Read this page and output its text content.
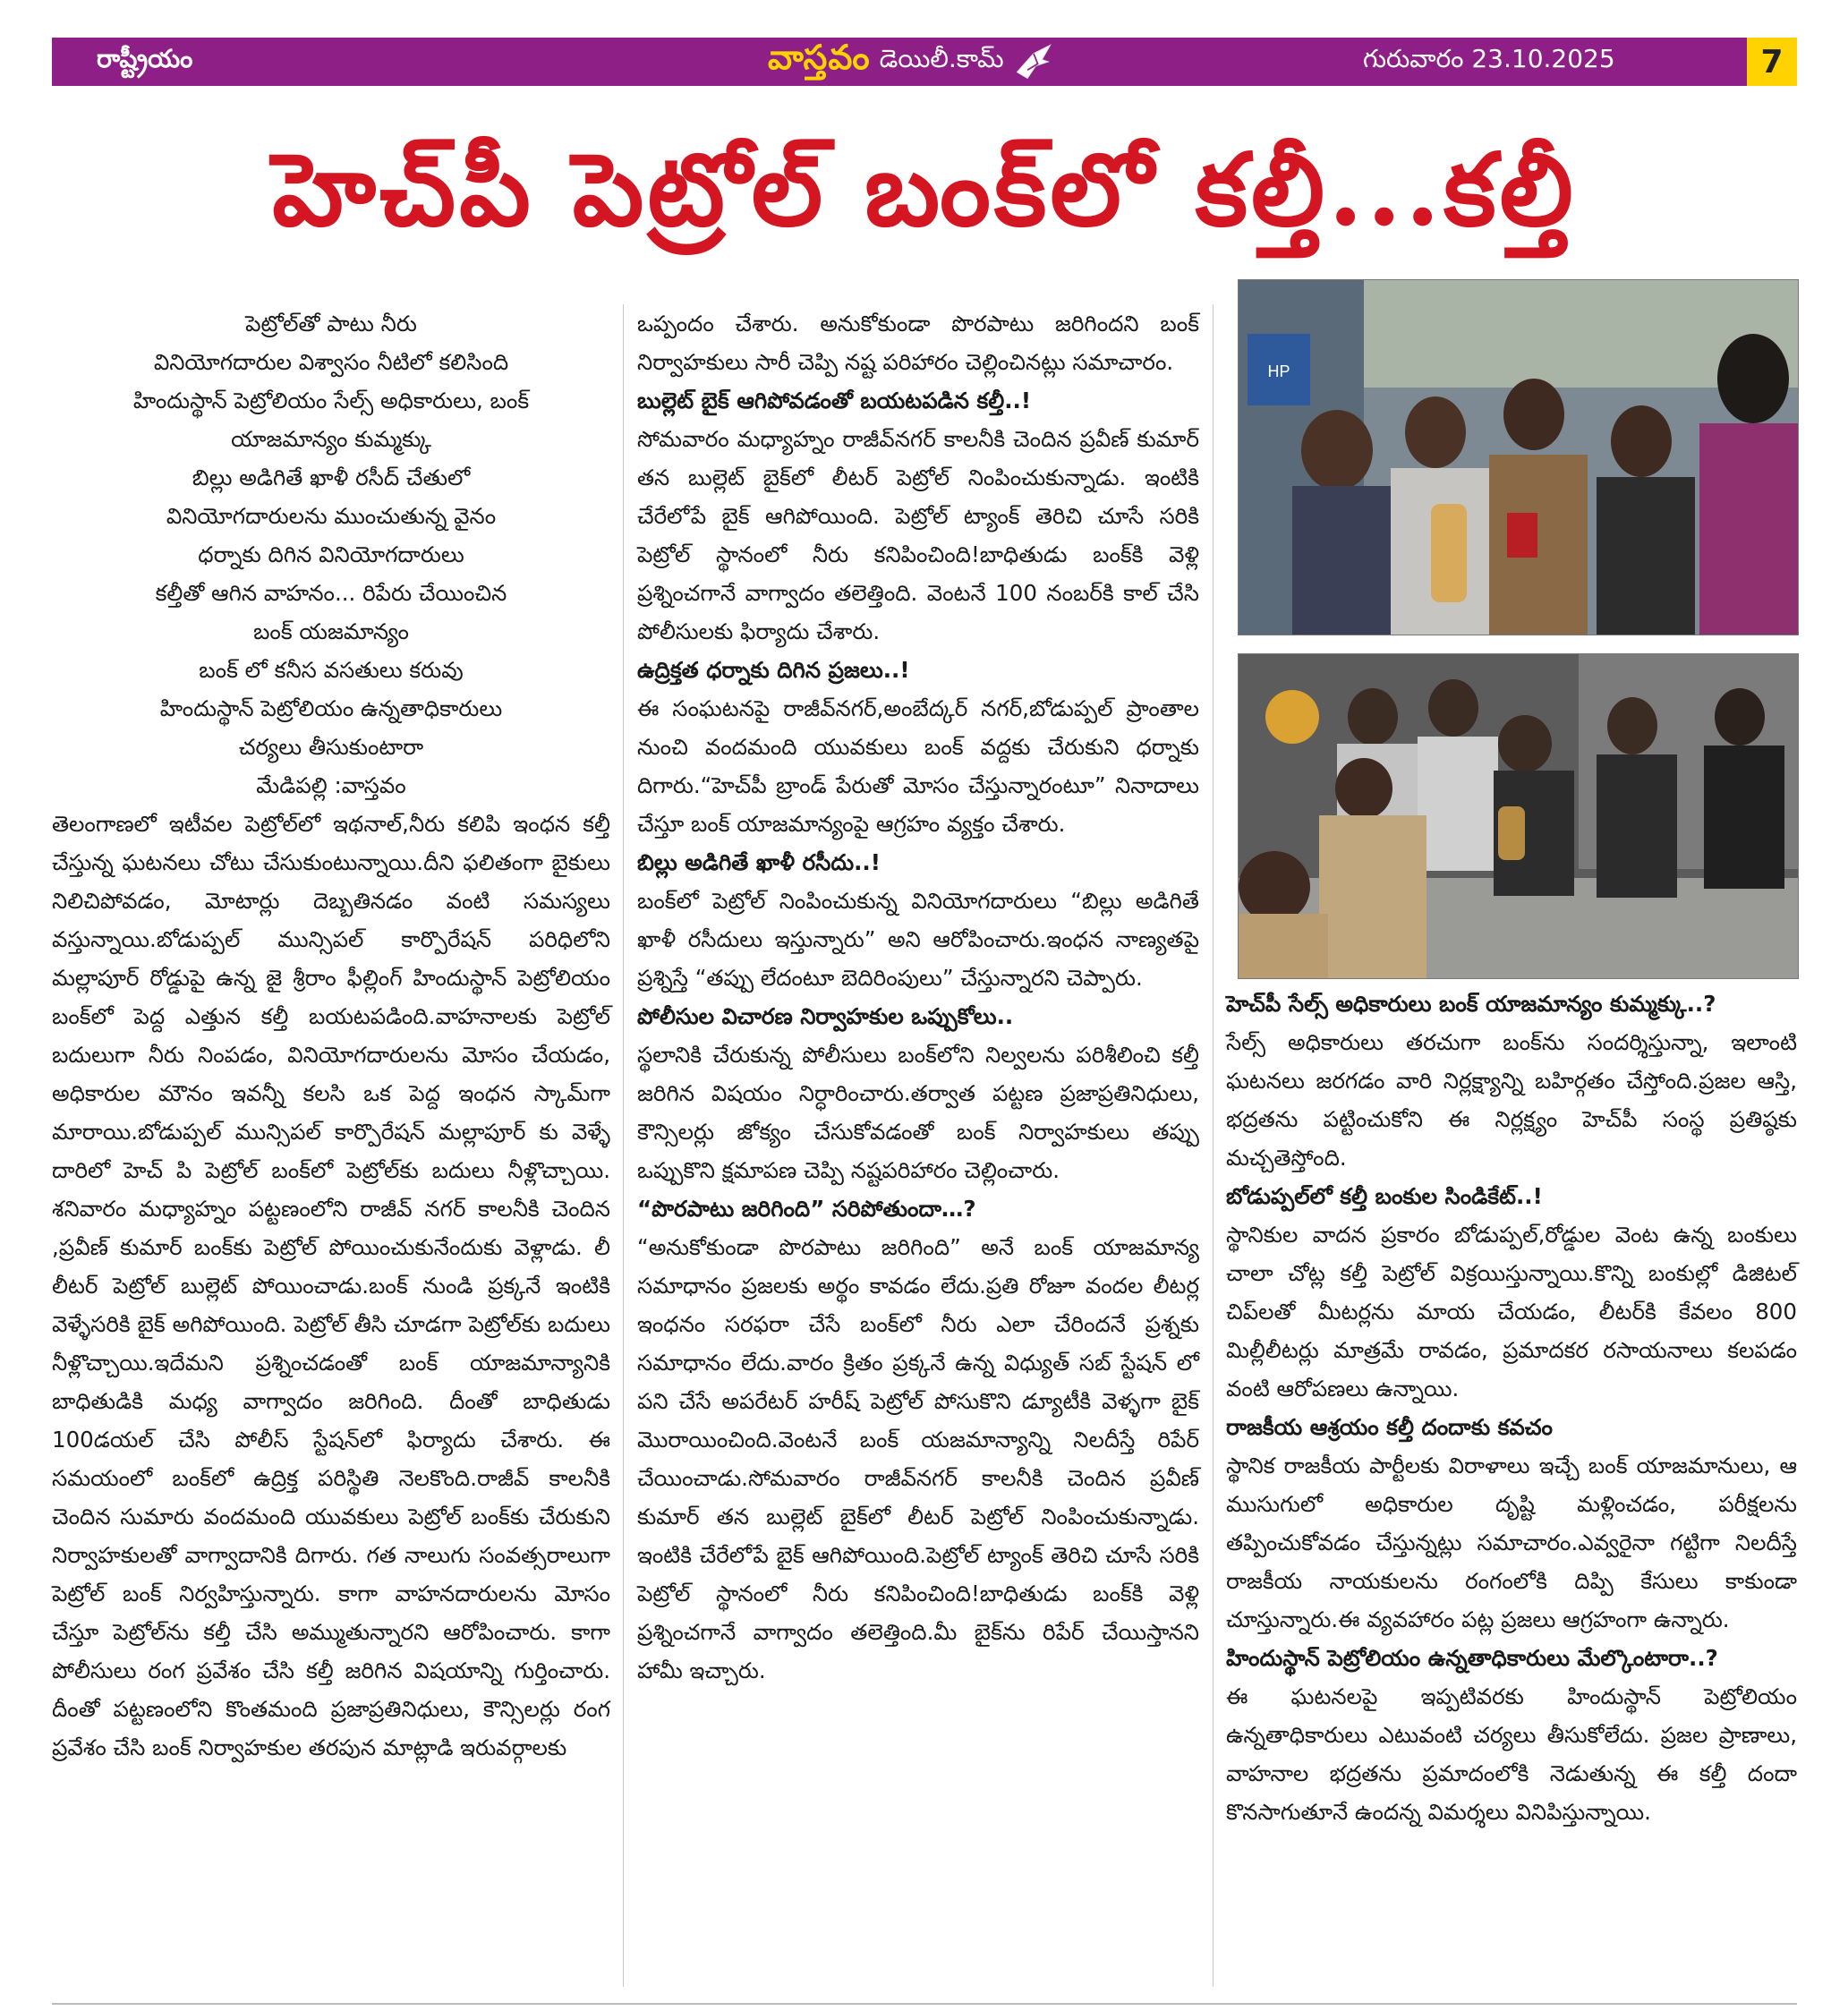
రాష్ట్రీయం	వాస్తవం డెయిలీ.కామ్	గురువారం 23.10.2025	7
హెచ్‌పీ పెట్రోల్ బంక్‌లో కల్తీ...కల్తీ
పెట్రోల్‌తో పాటు నీరు
వినియోగదారుల విశ్వాసం నీటిలో కలిసింది
హిందుస్థాన్ పెట్రోలియం సేల్స్ అధికారులు, బంక్
యాజమాన్యం కుమ్మక్కు
బిల్లు అడిగితే ఖాళీ రసీద్ చేతులో
వినియోగదారులను ముంచుతున్న వైనం
ధర్నాకు దిగిన వినియోగదారులు
కల్తీతో ఆగిన వాహనం... రిపేరు చేయించిన
బంక్ యజమాన్యం
బంక్ లో కనీస వసతులు కరువు
హిందుస్థాన్ పెట్రోలియం ఉన్నతాధికారులు
చర్యలు తీసుకుంటారా
మేడిపల్లి :వాస్తవం

తెలంగాణలో ఇటీవల పెట్రోల్‌లో ఇథనాల్,నీరు కలిపి ఇంధన కల్తీ చేస్తున్న ఘటనలు చోటు చేసుకుంటున్నాయి.దీని ఫలితంగా బైకులు నిలిచిపోవడం, మోటార్లు దెబ్బతినడం వంటి సమస్యలు వస్తున్నాయి.బోడుప్పల్ మున్సిపల్ కార్పొరేషన్ పరిధిలోని మల్లాపూర్ రోడ్డుపై ఉన్న జై శ్రీరాం ఫీల్లింగ్ హిందుస్థాన్ పెట్రోలియం బంక్‌లో పెద్ద ఎత్తున కల్తీ బయటపడింది.వాహనాలకు పెట్రోల్ బదులుగా నీరు నింపడం, వినియోగదారులను మోసం చేయడం, అధికారుల మౌనం ఇవన్నీ కలసి ఒక పెద్ద ఇంధన స్కామ్‌గా మారాయి.బోడుప్పల్ మున్సిపల్ కార్పొరేషన్ మల్లాపూర్ కు వెళ్ళే దారిలో హెచ్ పి పెట్రోల్ బంక్‌లో పెట్రోల్‌కు బదులు నీళ్లొచ్చాయి. శనివారం మధ్యాహ్నం పట్టణంలోని రాజీవ్ నగర్ కాలనీకి చెందిన ,ప్రవీణ్ కుమార్ బంక్‌కు పెట్రోల్ పోయించుకునేందుకు వెళ్లాడు. లీ లీటర్ పెట్రోల్ బుల్లెట్ పోయించాడు.బంక్ నుండి ప్రక్కనే ఇంటికి వెళ్ళేసరికి బైక్ అగిపోయింది. పెట్రోల్ తీసి చూడగా పెట్రోల్‌కు బదులు నీళ్లొచ్చాయి.ఇదేమని ప్రశ్నించడంతో బంక్ యాజమాన్యానికి బాధితుడికి మధ్య వాగ్వాదం జరిగింది. దీంతో బాధితుడు 100డయల్ చేసి పోలీస్ స్టేషన్‌లో ఫిర్యాదు చేశారు. ఈ సమయంలో బంక్‌లో ఉద్రిక్త పరిస్థితి నెలకొంది.రాజీవ్ కాలనీకి చెందిన సుమారు వందమంది యువకులు పెట్రోల్ బంక్‌కు చేరుకుని నిర్వాహకులతో వాగ్వాదానికి దిగారు. గత నాలుగు సంవత్సరాలుగా పెట్రోల్ బంక్ నిర్వహిస్తున్నారు. కాగా వాహనదారులను మోసం చేస్తూ పెట్రోల్‌ను కల్తీ చేసి అమ్ముతున్నారని ఆరోపించారు. కాగా పోలీసులు రంగ ప్రవేశం చేసి కల్తీ జరిగిన విషయాన్ని గుర్తించారు. దీంతో పట్టణంలోని కొంతమంది ప్రజాప్రతినిధులు, కౌన్సిలర్లు రంగ ప్రవేశం చేసి బంక్ నిర్వాహకుల తరపున మాట్లాడి ఇరువర్గాలకు

ఒప్పందం చేశారు. అనుకోకుండా పొరపాటు జరిగిందని బంక్ నిర్వాహకులు సారీ చెప్పి నష్ట పరిహారం చెల్లించినట్లు సమాచారం.

బుల్లెట్ బైక్ ఆగిపోవడంతో బయటపడిన కల్తీ..!

సోమవారం మధ్యాహ్నం రాజీవ్‌నగర్ కాలనీకి చెందిన ప్రవీణ్ కుమార్ తన బుల్లెట్ బైక్‌లో లీటర్ పెట్రోల్ నింపించుకున్నాడు. ఇంటికి చేరేలోపే బైక్ ఆగిపోయింది. పెట్రోల్ ట్యాంక్ తెరిచి చూసే సరికి పెట్రోల్ స్థానంలో నీరు కనిపించింది!బాధితుడు బంక్‌కి వెళ్లి ప్రశ్నించగానే వాగ్వాదం తలెత్తింది. వెంటనే 100 నంబర్‌కి కాల్ చేసి పోలీసులకు ఫిర్యాదు చేశారు.

ఉద్రిక్తత ధర్నాకు దిగిన ప్రజలు..!

ఈ సంఘటనపై రాజీవ్‌నగర్,అంబేద్కర్ నగర్,బోడుప్పల్ ప్రాంతాల నుంచి వందమంది యువకులు బంక్ వద్దకు చేరుకుని ధర్నాకు దిగారు.“హెచ్‌పీ బ్రాండ్ పేరుతో మోసం చేస్తున్నారంటూ” నినాదాలు చేస్తూ బంక్ యాజమాన్యంపై ఆగ్రహం వ్యక్తం చేశారు.

బిల్లు అడిగితే ఖాళీ రసీదు..!

బంక్‌లో పెట్రోల్ నింపించుకున్న వినియోగదారులు “బిల్లు అడిగితే ఖాళీ రసీదులు ఇస్తున్నారు” అని ఆరోపించారు.ఇంధన నాణ్యతపై ప్రశ్నిస్తే “తప్పు లేదంటూ బెదిరింపులు” చేస్తున్నారని చెప్పారు.

పోలీసుల విచారణ నిర్వాహకుల ఒప్పుకోలు..

స్థలానికి చేరుకున్న పోలీసులు బంక్‌లోని నిల్వలను పరిశీలించి కల్తీ జరిగిన విషయం నిర్ధారించారు.తర్వాత పట్టణ ప్రజాప్రతినిధులు, కౌన్సిలర్లు జోక్యం చేసుకోవడంతో బంక్ నిర్వాహకులు తప్పు ఒప్పుకొని క్షమాపణ చెప్పి నష్టపరిహారం చెల్లించారు.

“పొరపాటు జరిగింది” సరిపోతుందా…?

“అనుకోకుండా పొరపాటు జరిగింది” అనే బంక్ యాజమాన్య సమాధానం ప్రజలకు అర్థం కావడం లేదు.ప్రతి రోజూ వందల లీటర్ల ఇంధనం సరఫరా చేసే బంక్‌లో నీరు ఎలా చేరిందనే ప్రశ్నకు సమాధానం లేదు.వారం క్రితం ప్రక్కనే ఉన్న విధ్యుత్ సబ్ స్టేషన్ లో పని చేసే అపరేటర్ హరీష్ పెట్రోల్ పోసుకొని డ్యూటీకి వెళ్ళగా బైక్ మొరాయించింది.వెంటనే బంక్ యజమాన్యాన్ని నిలదీస్తే రిపేర్ చేయించాడు.సోమవారం రాజీవ్‌నగర్ కాలనీకి చెందిన ప్రవీణ్ కుమార్ తన బుల్లెట్ బైక్‌లో లీటర్ పెట్రోల్ నింపించుకున్నాడు. ఇంటికి చేరేలోపే బైక్ ఆగిపోయింది.పెట్రోల్ ట్యాంక్ తెరిచి చూసే సరికి పెట్రోల్ స్థానంలో నీరు కనిపించింది!బాధితుడు బంక్‌కి వెళ్లి ప్రశ్నించగానే వాగ్వాదం తలెత్తింది.మీ బైక్‌ను రిపేర్ చేయిస్తానని హామీ ఇచ్చారు.

HP

హెచ్‌పీ సేల్స్ అధికారులు బంక్ యాజమాన్యం కుమ్మక్కు..?

సేల్స్ అధికారులు తరచుగా బంక్‌ను సందర్శిస్తున్నా, ఇలాంటి ఘటనలు జరగడం వారి నిర్లక్ష్యాన్ని బహిర్గతం చేస్తోంది.ప్రజల ఆస్తి, భద్రతను పట్టించుకోని ఈ నిర్లక్ష్యం హెచ్‌పీ సంస్థ ప్రతిష్ఠకు మచ్చతెస్తోంది.

బోడుప్పల్‌లో కల్తీ బంకుల సిండికేట్..!

స్థానికుల వాదన ప్రకారం బోడుప్పల్,రోడ్డుల వెంట ఉన్న బంకులు చాలా చోట్ల కల్తీ పెట్రోల్ విక్రయిస్తున్నాయి.కొన్ని బంకుల్లో డిజిటల్ చిప్‌లతో మీటర్లను మాయ చేయడం, లీటర్‌కి కేవలం 800 మిల్లీలీటర్లు మాత్రమే రావడం, ప్రమాదకర రసాయనాలు కలపడం వంటి ఆరోపణలు ఉన్నాయి.

రాజకీయ ఆశ్రయం కల్తీ దందాకు కవచం

స్థానిక రాజకీయ పార్టీలకు విరాళాలు ఇచ్చే బంక్ యాజమానులు, ఆ ముసుగులో అధికారుల దృష్టి మళ్లించడం, పరీక్షలను తప్పించుకోవడం చేస్తున్నట్లు సమాచారం.ఎవ్వరైనా గట్టిగా నిలదీస్తే రాజకీయ నాయకులను రంగంలోకి దిప్పి కేసులు కాకుండా చూస్తున్నారు.ఈ వ్యవహారం పట్ల ప్రజలు ఆగ్రహంగా ఉన్నారు.

హిందుస్థాన్ పెట్రోలియం ఉన్నతాధికారులు మేల్కొంటారా..?

ఈ ఘటనలపై ఇప్పటివరకు హిందుస్థాన్ పెట్రోలియం ఉన్నతాధికారులు ఎటువంటి చర్యలు తీసుకోలేదు. ప్రజల ప్రాణాలు, వాహనాల భద్రతను ప్రమాదంలోకి నెడుతున్న ఈ కల్తీ దందా కొనసాగుతూనే ఉందన్న విమర్శలు వినిపిస్తున్నాయి.
